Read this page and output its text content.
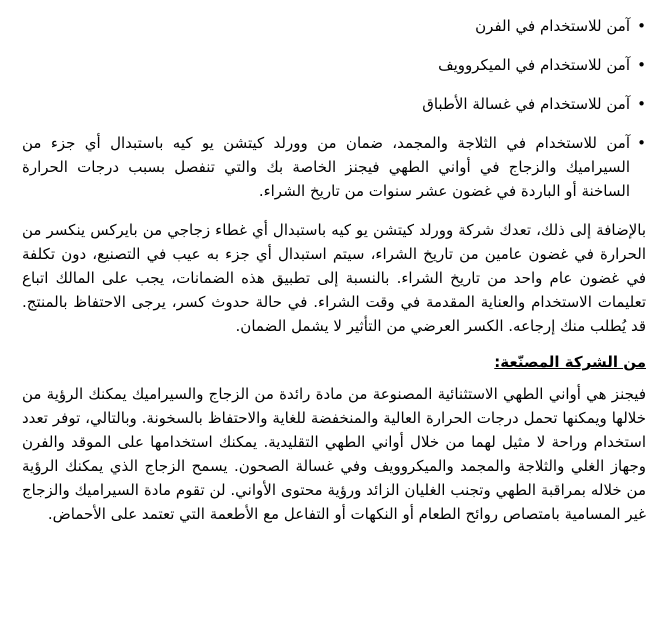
•
آمن للاستخدام في الفرن
•
آمن للاستخدام في الميكروويف
•
آمن للاستخدام في غسالة الأطباق
•
آمن للاستخدام في الثلاجة والمجمد، ضمان من وورلد كيتشن يو كيه باستبدال أي جزء من السيراميك والزجاج في أواني الطهي فيجنز الخاصة بك والتي تنفصل بسبب درجات الحرارة الساخنة أو الباردة في غضون عشر سنوات من تاريخ الشراء.

بالإضافة إلى ذلك، تعدك شركة وورلد كيتشن يو كيه باستبدال أي غطاء زجاجي من بايركس ينكسر من الحرارة في غضون عامين من تاريخ الشراء، سيتم استبدال أي جزء به عيب في التصنيع، دون تكلفة في غضون عام واحد من تاريخ الشراء. بالنسبة إلى تطبيق هذه الضمانات، يجب على المالك اتباع تعليمات الاستخدام والعناية المقدمة في وقت الشراء. في حالة حدوث كسر، يرجى الاحتفاظ بالمنتج. قد يُطلب منك إرجاعه. الكسر العرضي من التأثير لا يشمل الضمان.

من الشركة المصنّعة:

فيجنز هي أواني الطهي الاستثنائية المصنوعة من مادة رائدة من الزجاج والسيراميك يمكنك الرؤية من خلالها ويمكنها تحمل درجات الحرارة العالية والمنخفضة للغاية والاحتفاظ بالسخونة. وبالتالي، توفر تعدد استخدام وراحة لا مثيل لهما من خلال أواني الطهي التقليدية. يمكنك استخدامها على الموقد والفرن وجهاز الغلي والثلاجة والمجمد والميكروويف وفي غسالة الصحون. يسمح الزجاج الذي يمكنك الرؤية من خلاله بمراقبة الطهي وتجنب الغليان الزائد ورؤية محتوى الأواني. لن تقوم مادة السيراميك والزجاج غير المسامية بامتصاص روائح الطعام أو النكهات أو التفاعل مع الأطعمة التي تعتمد على الأحماض.
